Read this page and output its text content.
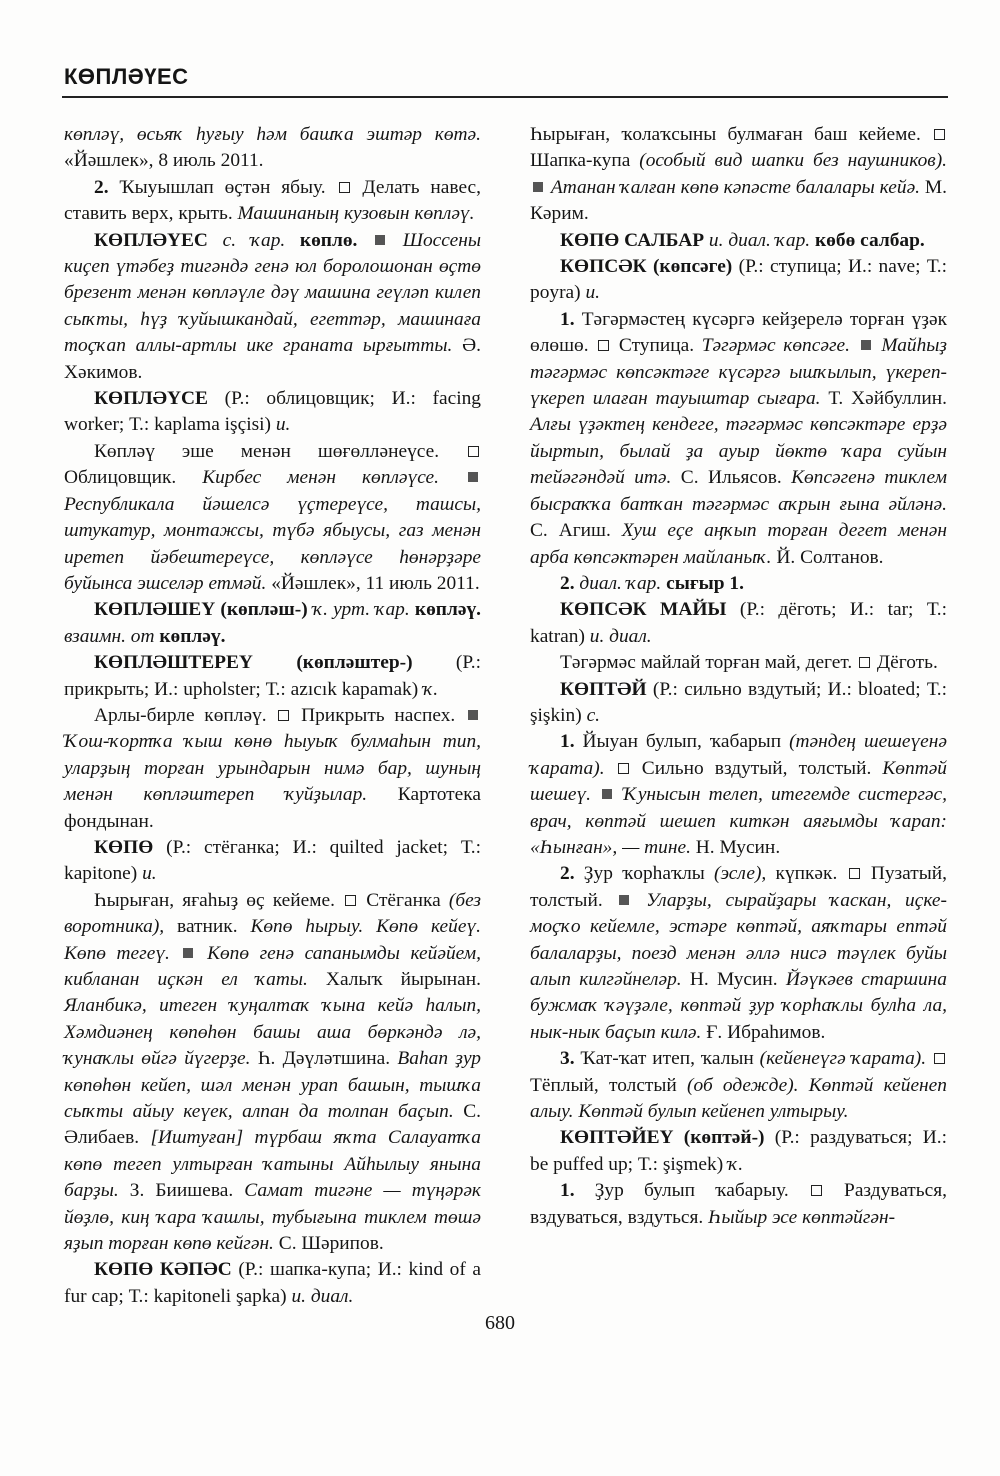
КӨПЛӘҮЕС

көпләү, өсьяҡ һуғыу һәм башҡа эштәр көтә. «Йәшлек», 8 июль 2011.

2. Ҡыуышлап өҫтән ябыу.  Делать навес, ставить верх, крыть. Машинаның кузовын көпләү.

КӨПЛӘҮЕС с. ҡар. көплө. Шоссены киҫеп үтәбеҙ тигәндә генә юл боролошонан өҫтө брезент менән көпләүле дәү машина геүләп килеп сыҡты, һүҙ ҡуйышкандай, егеттәр, машинаға тоҫҡап аллы-артлы ике граната ырғытты. Ә. Хәкимов.

КӨПЛӘҮСЕ (Р.: облицовщик; И.: facing worker; Т.: kaplama işçisi) и.

Көпләү эше менән шөғөлләнеүсе.  Облицовщик. Кирбес менән көпләүсе.  Республикала йәшелсә үҫтереүсе, ташсы, штукатур, монтажсы, түбә ябыусы, газ менән иретеп йәбештереүсе, көпләүсе һөнәрҙәре буйынса эшселәр етмәй. «Йәшлек», 11 июль 2011.

КӨПЛӘШЕҮ (көпләш-) ҡ. урт. ҡар. көпләү. взаимн. от көпләү.

КӨПЛӘШТЕРЕҮ (көпләштер-) (Р.: прикрыть; И.: upholster; Т.: azıcık kapamak) ҡ.

Арлы-бирле көпләү.  Прикрыть наспех.  Ҡош-ҡортҡа ҡыш көнө һыуыҡ булмаһын тип, уларҙың торған урындарын нимә бар, шуның менән көпләштереп ҡуйҙылар. Картотека фондынан.

КӨПӨ (Р.: стёганка; И.: quilted jacket; Т.: kapitone) и.

Һырыған, яғаһыҙ өҫ кейеме.  Стёганка (без воротника), ватник. Көпө һырыу. Көпө кейеү. Көпө тегеү. Көпө генә сапанымды кейәйем, кибланан иҫкән ел ҡаты. Халыҡ йырынан. Яланбикә, итеген ҡуңалтаҡ ҡына кейә һалып, Хәмдиәнең көпөһөн башы аша бөркәндә лә, ҡунаҡлы өйгә йүгерҙе. Һ. Дәүләтшина. Ваһап ҙур көпөһөн кейеп, шәл менән урап башын, тышҡа сыҡты айыу кеүек, алпан да толпан баҫып. С. Әлибаев. [Иштуған] түрбаш яҡта Салауатҡа көпө тегеп ултырған ҡатыны Айһылыу янына барҙы. З. Биишева. Самат тигәне — түңәрәк йөҙлө, киң ҡара ҡашлы, тубығына тиклем төшә яҙып торған көпө кейгән. С. Шәрипов.

КӨПӨ КӘПӘС (Р.: шапка-купа; И.: kind of a fur cap; Т.: kapitoneli şapka) и. диал.

Һырыған, ҡолаҡсыны булмаған баш кейеме.  Шапка-купа (особый вид шапки без наушников).  Атанан ҡалған көпө кәпәсте балалары кейә. М. Кәрим.

КӨПӨ САЛБАР и. диал. ҡар. көбө салбар.

КӨПСӘК (көпсәге) (Р.: ступица; И.: nave; Т.: poyra) и.

1. Тәгәрмәстең күсәргә кейҙерелә торған үҙәк өлөшө.  Ступица. Тәгәрмәс көпсәге. Майһыҙ тәгәрмәс көпсәктәге күсәргә ышҡылып, үкереп-үкереп илаған тауыштар сығара. Т. Хәйбуллин. Алғы үҙәктең кендеге, тәгәрмәс көпсәктәре ерҙә йыртып, былай ҙа ауыр йөктө ҡара суйын тейәгәндәй итә. С. Ильясов. Көпсәгенә тиклем бысраҡҡа батҡан тәгәрмәс аҡрын ғына әйләнә. С. Агиш. Хуш еҫе аңҡып торған дегет менән арба көпсәктәрен майланыҡ. Й. Солтанов.

2. диал. ҡар. сығыр 1.

КӨПСӘК МАЙЫ (Р.: дёготь; И.: tar; Т.: katran) и. диал.

Тәгәрмәс майлай торған май, дегет.  Дёготь.

КӨПТӘЙ (Р.: сильно вздутый; И.: bloated; Т.: şişkin) с.

1. Йыуан булып, ҡабарып (тәндең шешеүенә ҡарата).  Сильно вздутый, толстый. Көптәй шешеү. Ҡунысын телеп, итегемде систергәс, врач, көптәй шешеп киткән аяғымды ҡарап: «Һынған», — тине. Н. Мусин.

2. Ҙур ҡорһаҡлы (эсле), күпкәк.  Пузатый, толстый.  Уларҙы, сырайҙары ҡаскан, иҫке-моҫҡо кейемле, эстәре көптәй, аяҡтары ептәй балаларҙы, поезд менән әллә нисә тәүлек буйы алып килгәйнеләр. Н. Мусин. Йәүкәев старшина бужмаҡ ҡәүҙәле, көптәй ҙур ҡорһаҡлы булһа ла, нык-нык баҫып килә. Ғ. Ибраһимов.

3. Ҡат-ҡат итеп, ҡалын (кейенеүгә ҡарата).  Тёплый, толстый (об одежде). Көптәй кейенеп алыу. Көптәй булып кейенеп ултырыу.

КӨПТӘЙЕҮ (көптәй-) (Р.: раздуваться; И.: be puffed up; Т.: şişmek) ҡ.

1. Ҙур булып ҡабарыу.  Раздуваться, вздуваться, вздуться. Һыйыр эсе көптәйгән-

680
